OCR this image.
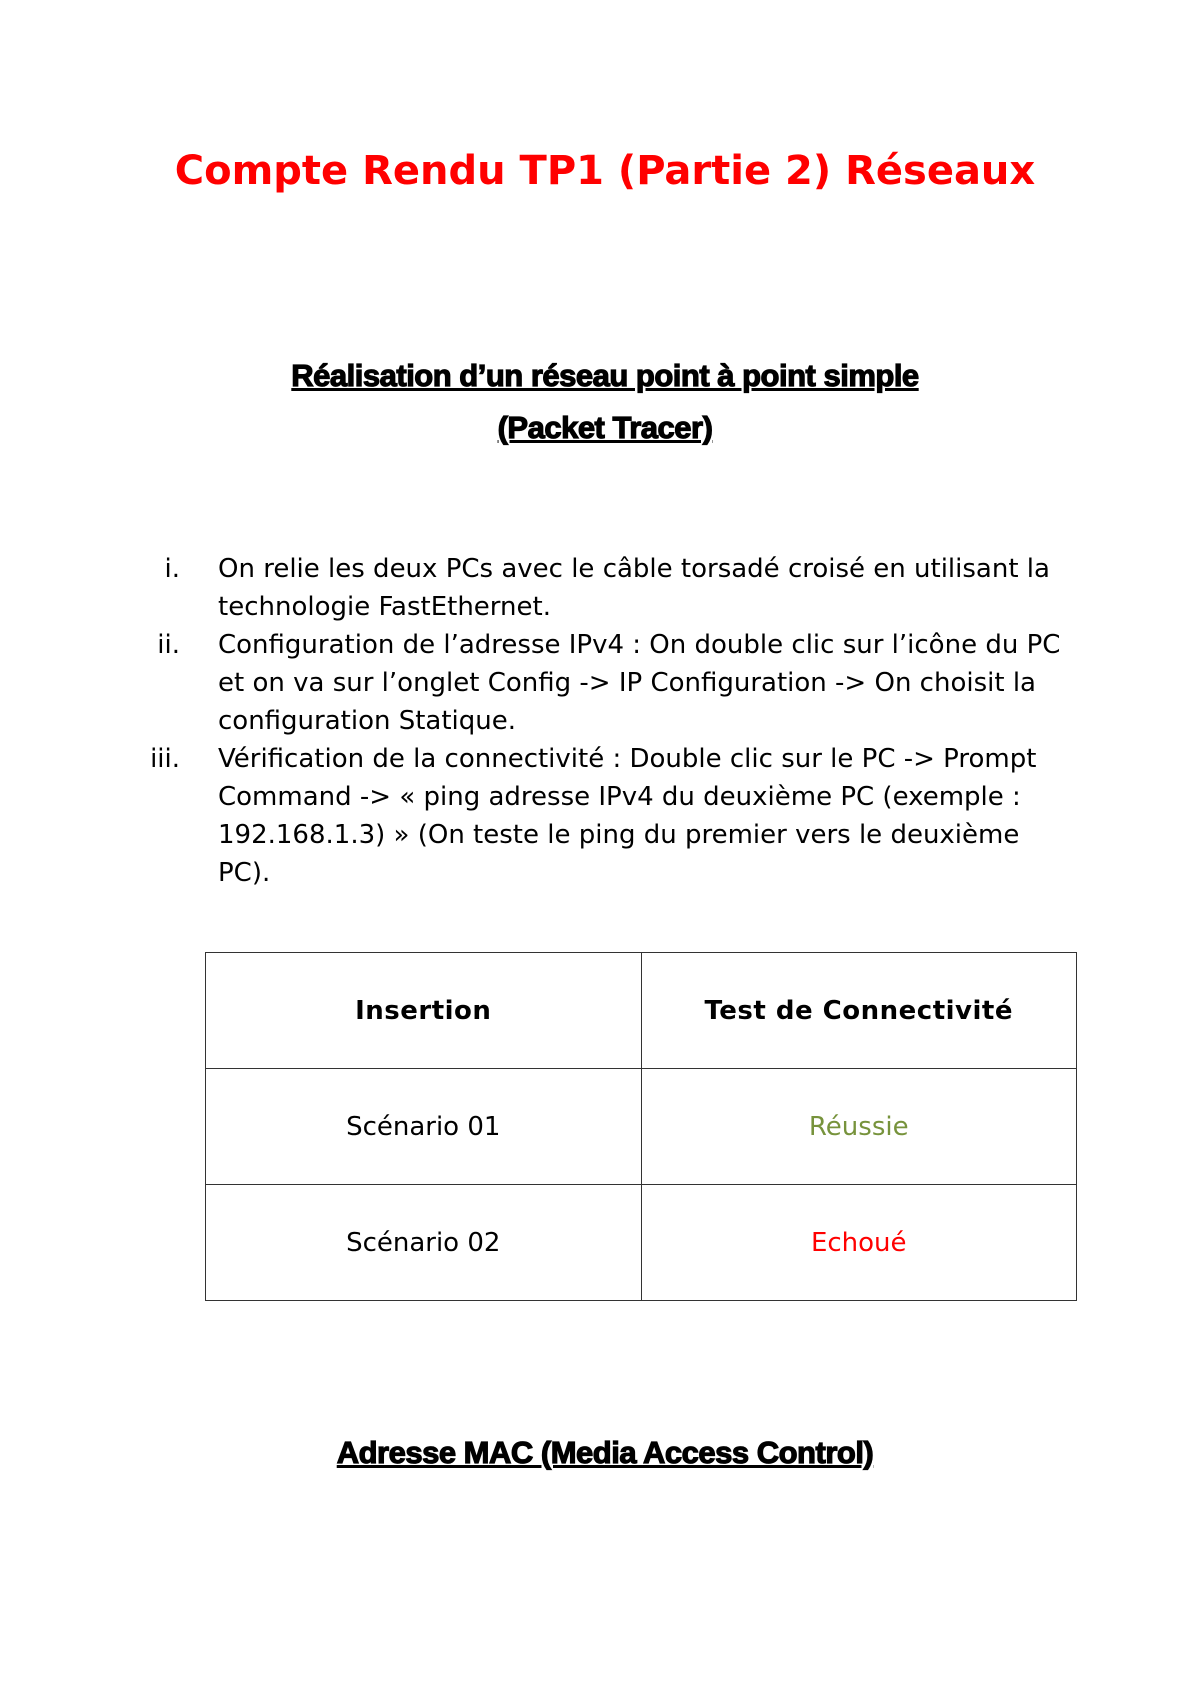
Compte Rendu TP1 (Partie 2) Réseaux
Réalisation d’un réseau point à point simple
(Packet Tracer)
i. On relie les deux PCs avec le câble torsadé croisé en utilisant la technologie FastEthernet.
ii. Configuration de l’adresse IPv4 : On double clic sur l’icône du PC et on va sur l’onglet Config -> IP Configuration -> On choisit la configuration Statique.
iii. Vérification de la connectivité : Double clic sur le PC -> Prompt Command -> « ping adresse IPv4 du deuxième PC (exemple : 192.168.1.3) » (On teste le ping du premier vers le deuxième PC).
Insertion	Test de Connectivité
Scénario 01	Réussie
Scénario 02	Echoué
Adresse MAC (Media Access Control)
